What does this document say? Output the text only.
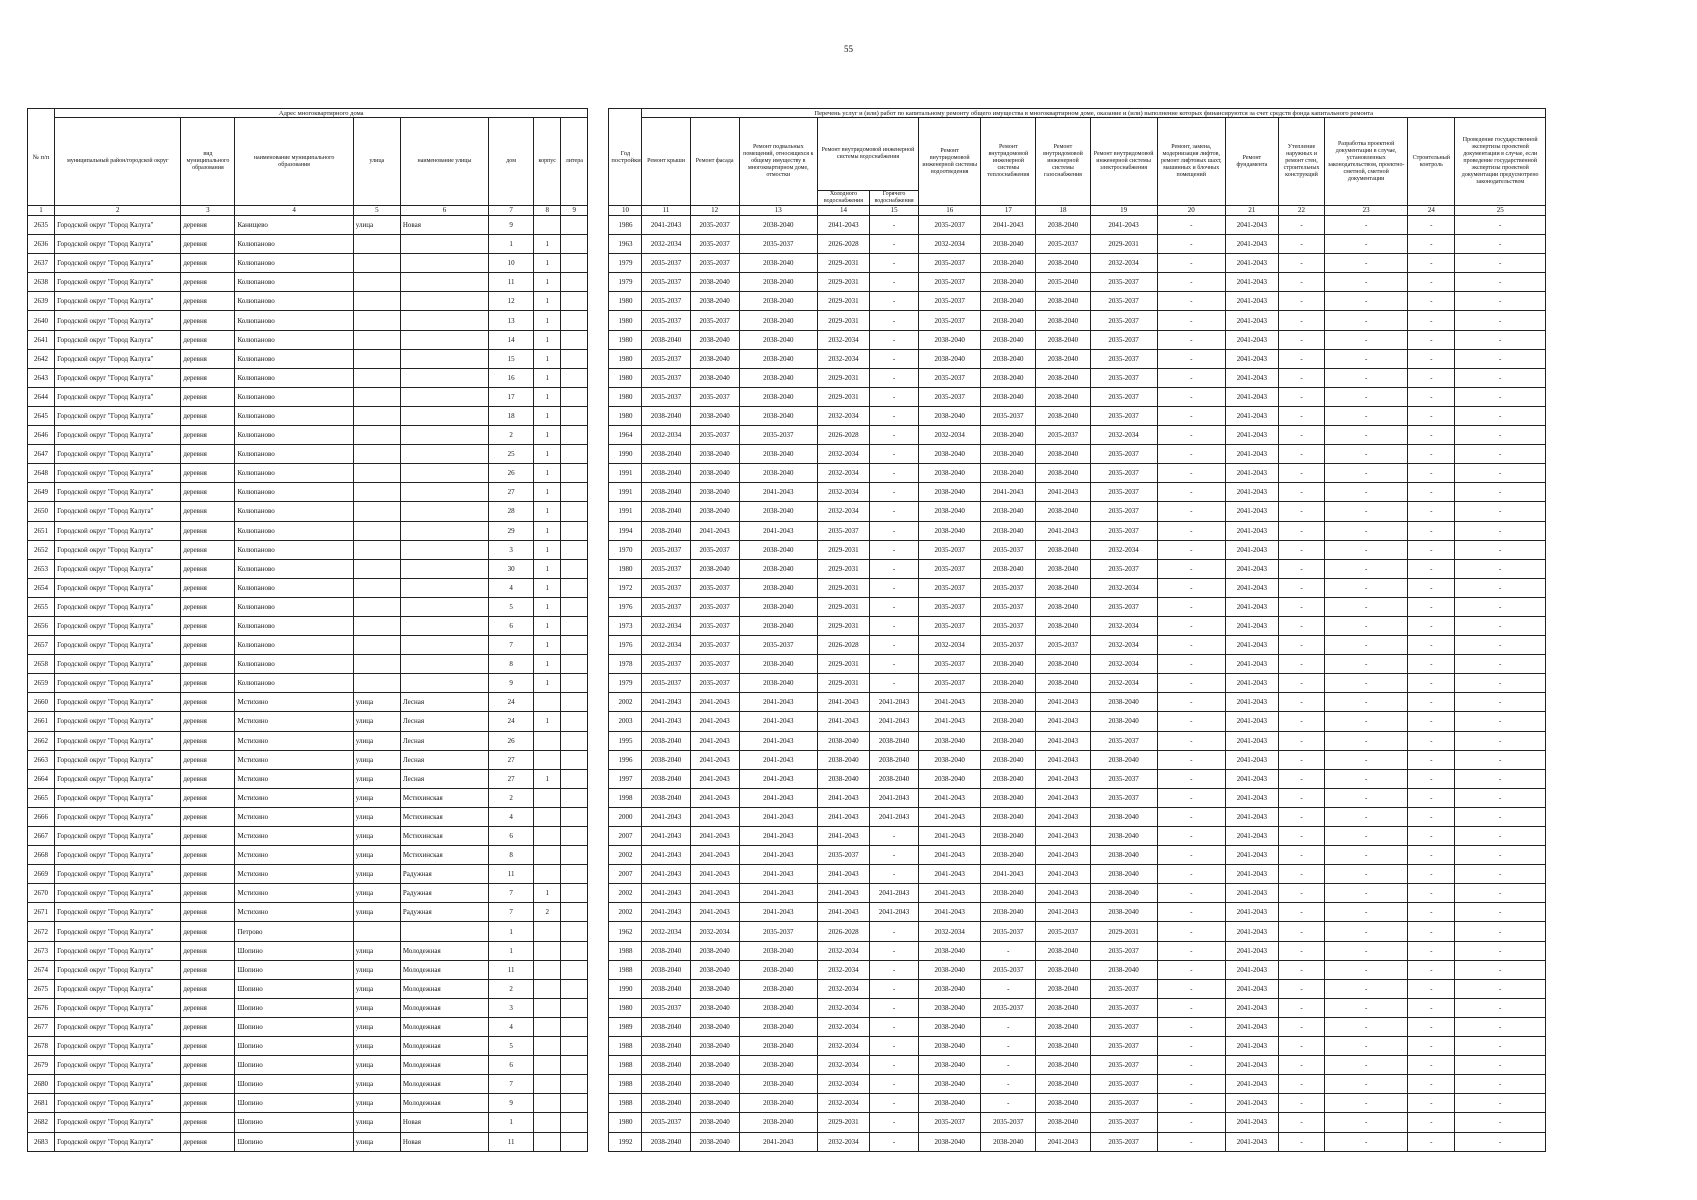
55
№ п/п	Адрес многоквартирного дома									Год постройки	Перечень услуг и (или) работ по капитальному ремонту общего имущества в многоквартирном доме, оказание и (или) выполнение которых финансируются за счет средств фонда капитального ремонта														
	муниципальный район/городской округ	вид муниципального образования	наименование муниципального образования	улица	наименование улицы	дом	корпус	литера			Ремонт крыши	Ремонт фасада	Ремонт подвальных помещений, относящихся к общему имуществу в многоквартирном доме, отмостки	Ремонт внутридомовой инженерной системы водоснабжения		Ремонт внутридомовой инженерной системы водоотведения	Ремонт внутридомовой инженерной системы теплоснабжения	Ремонт внутридомовой инженерной системы газоснабжения	Ремонт внутридомовой инженерной системы электроснабжения	Ремонт, замена, модернизация лифтов, ремонт лифтовых шахт, машинных и блочных помещений	Ремонт фундамента	Утепление наружных и ремонт стен, строительных конструкций	Разработка проектной документации в случае, установленных законодательством, проектно-сметной, сметной документации	Строительный контроль	Проведение государственной экспертизы проектной документации в случае, если проведение государственной экспертизы проектной документации предусмотрено законодательством
														Холодного водоснабжения	Горячего водоснабжения										
1	2	3	4	5	6	7	8	9		10	11	12	13	14	15	16	17	18	19	20	21	22	23	24	25
2635	Городской округ "Город Калуга"	деревня	Канищево	улица	Новая	9				1986	2041-2043	2035-2037	2038-2040	2041-2043	-	2035-2037	2041-2043	2038-2040	2041-2043	-	2041-2043	-	-	-	-
2636	Городской округ "Город Калуга"	деревня	Колюпаново			1	1			1963	2032-2034	2035-2037	2035-2037	2026-2028	-	2032-2034	2038-2040	2035-2037	2029-2031	-	2041-2043	-	-	-	-
2637	Городской округ "Город Калуга"	деревня	Колюпаново			10	1			1979	2035-2037	2035-2037	2038-2040	2029-2031	-	2035-2037	2038-2040	2038-2040	2032-2034	-	2041-2043	-	-	-	-
2638	Городской округ "Город Калуга"	деревня	Колюпаново			11	1			1979	2035-2037	2038-2040	2038-2040	2029-2031	-	2035-2037	2038-2040	2035-2040	2035-2037	-	2041-2043	-	-	-	-
2639	Городской округ "Город Калуга"	деревня	Колюпаново			12	1			1980	2035-2037	2038-2040	2038-2040	2029-2031	-	2035-2037	2038-2040	2038-2040	2035-2037	-	2041-2043	-	-	-	-
2640	Городской округ "Город Калуга"	деревня	Колюпаново			13	1			1980	2035-2037	2035-2037	2038-2040	2029-2031	-	2035-2037	2038-2040	2038-2040	2035-2037	-	2041-2043	-	-	-	-
2641	Городской округ "Город Калуга"	деревня	Колюпаново			14	1			1980	2038-2040	2038-2040	2038-2040	2032-2034	-	2038-2040	2038-2040	2038-2040	2035-2037	-	2041-2043	-	-	-	-
2642	Городской округ "Город Калуга"	деревня	Колюпаново			15	1			1980	2035-2037	2038-2040	2038-2040	2032-2034	-	2038-2040	2038-2040	2038-2040	2035-2037	-	2041-2043	-	-	-	-
2643	Городской округ "Город Калуга"	деревня	Колюпаново			16	1			1980	2035-2037	2038-2040	2038-2040	2029-2031	-	2035-2037	2038-2040	2038-2040	2035-2037	-	2041-2043	-	-	-	-
2644	Городской округ "Город Калуга"	деревня	Колюпаново			17	1			1980	2035-2037	2035-2037	2038-2040	2029-2031	-	2035-2037	2038-2040	2038-2040	2035-2037	-	2041-2043	-	-	-	-
2645	Городской округ "Город Калуга"	деревня	Колюпаново			18	1			1980	2038-2040	2038-2040	2038-2040	2032-2034	-	2038-2040	2035-2037	2038-2040	2035-2037	-	2041-2043	-	-	-	-
2646	Городской округ "Город Калуга"	деревня	Колюпаново			2	1			1964	2032-2034	2035-2037	2035-2037	2026-2028	-	2032-2034	2038-2040	2035-2037	2032-2034	-	2041-2043	-	-	-	-
2647	Городской округ "Город Калуга"	деревня	Колюпаново			25	1			1990	2038-2040	2038-2040	2038-2040	2032-2034	-	2038-2040	2038-2040	2038-2040	2035-2037	-	2041-2043	-	-	-	-
2648	Городской округ "Город Калуга"	деревня	Колюпаново			26	1			1991	2038-2040	2038-2040	2038-2040	2032-2034	-	2038-2040	2038-2040	2038-2040	2035-2037	-	2041-2043	-	-	-	-
2649	Городской округ "Город Калуга"	деревня	Колюпаново			27	1			1991	2038-2040	2038-2040	2041-2043	2032-2034	-	2038-2040	2041-2043	2041-2043	2035-2037	-	2041-2043	-	-	-	-
2650	Городской округ "Город Калуга"	деревня	Колюпаново			28	1			1991	2038-2040	2038-2040	2038-2040	2032-2034	-	2038-2040	2038-2040	2038-2040	2035-2037	-	2041-2043	-	-	-	-
2651	Городской округ "Город Калуга"	деревня	Колюпаново			29	1			1994	2038-2040	2041-2043	2041-2043	2035-2037	-	2038-2040	2038-2040	2041-2043	2035-2037	-	2041-2043	-	-	-	-
2652	Городской округ "Город Калуга"	деревня	Колюпаново			3	1			1970	2035-2037	2035-2037	2038-2040	2029-2031	-	2035-2037	2035-2037	2038-2040	2032-2034	-	2041-2043	-	-	-	-
2653	Городской округ "Город Калуга"	деревня	Колюпаново			30	1			1980	2035-2037	2038-2040	2038-2040	2029-2031	-	2035-2037	2038-2040	2038-2040	2035-2037	-	2041-2043	-	-	-	-
2654	Городской округ "Город Калуга"	деревня	Колюпаново			4	1			1972	2035-2037	2035-2037	2038-2040	2029-2031	-	2035-2037	2035-2037	2038-2040	2032-2034	-	2041-2043	-	-	-	-
2655	Городской округ "Город Калуга"	деревня	Колюпаново			5	1			1976	2035-2037	2035-2037	2038-2040	2029-2031	-	2035-2037	2035-2037	2038-2040	2035-2037	-	2041-2043	-	-	-	-
2656	Городской округ "Город Калуга"	деревня	Колюпаново			6	1			1973	2032-2034	2035-2037	2038-2040	2029-2031	-	2035-2037	2035-2037	2038-2040	2032-2034	-	2041-2043	-	-	-	-
2657	Городской округ "Город Калуга"	деревня	Колюпаново			7	1			1976	2032-2034	2035-2037	2035-2037	2026-2028	-	2032-2034	2035-2037	2035-2037	2032-2034	-	2041-2043	-	-	-	-
2658	Городской округ "Город Калуга"	деревня	Колюпаново			8	1			1978	2035-2037	2035-2037	2038-2040	2029-2031	-	2035-2037	2038-2040	2038-2040	2032-2034	-	2041-2043	-	-	-	-
2659	Городской округ "Город Калуга"	деревня	Колюпаново			9	1			1979	2035-2037	2035-2037	2038-2040	2029-2031	-	2035-2037	2038-2040	2038-2040	2032-2034	-	2041-2043	-	-	-	-
2660	Городской округ "Город Калуга"	деревня	Мстихино	улица	Лесная	24				2002	2041-2043	2041-2043	2041-2043	2041-2043	2041-2043	2041-2043	2038-2040	2041-2043	2038-2040	-	2041-2043	-	-	-	-
2661	Городской округ "Город Калуга"	деревня	Мстихино	улица	Лесная	24	1			2003	2041-2043	2041-2043	2041-2043	2041-2043	2041-2043	2041-2043	2038-2040	2041-2043	2038-2040	-	2041-2043	-	-	-	-
2662	Городской округ "Город Калуга"	деревня	Мстихино	улица	Лесная	26				1995	2038-2040	2041-2043	2041-2043	2038-2040	2038-2040	2038-2040	2038-2040	2041-2043	2035-2037	-	2041-2043	-	-	-	-
2663	Городской округ "Город Калуга"	деревня	Мстихино	улица	Лесная	27				1996	2038-2040	2041-2043	2041-2043	2038-2040	2038-2040	2038-2040	2038-2040	2041-2043	2038-2040	-	2041-2043	-	-	-	-
2664	Городской округ "Город Калуга"	деревня	Мстихино	улица	Лесная	27	1			1997	2038-2040	2041-2043	2041-2043	2038-2040	2038-2040	2038-2040	2038-2040	2041-2043	2035-2037	-	2041-2043	-	-	-	-
2665	Городской округ "Город Калуга"	деревня	Мстихино	улица	Мстихинская	2				1998	2038-2040	2041-2043	2041-2043	2041-2043	2041-2043	2041-2043	2038-2040	2041-2043	2035-2037	-	2041-2043	-	-	-	-
2666	Городской округ "Город Калуга"	деревня	Мстихино	улица	Мстихинская	4				2000	2041-2043	2041-2043	2041-2043	2041-2043	2041-2043	2041-2043	2038-2040	2041-2043	2038-2040	-	2041-2043	-	-	-	-
2667	Городской округ "Город Калуга"	деревня	Мстихино	улица	Мстихинская	6				2007	2041-2043	2041-2043	2041-2043	2041-2043	-	2041-2043	2038-2040	2041-2043	2038-2040	-	2041-2043	-	-	-	-
2668	Городской округ "Город Калуга"	деревня	Мстихино	улица	Мстихинская	8				2002	2041-2043	2041-2043	2041-2043	2035-2037	-	2041-2043	2038-2040	2041-2043	2038-2040	-	2041-2043	-	-	-	-
2669	Городской округ "Город Калуга"	деревня	Мстихино	улица	Радужная	11				2007	2041-2043	2041-2043	2041-2043	2041-2043	-	2041-2043	2041-2043	2041-2043	2038-2040	-	2041-2043	-	-	-	-
2670	Городской округ "Город Калуга"	деревня	Мстихино	улица	Радужная	7	1			2002	2041-2043	2041-2043	2041-2043	2041-2043	2041-2043	2041-2043	2038-2040	2041-2043	2038-2040	-	2041-2043	-	-	-	-
2671	Городской округ "Город Калуга"	деревня	Мстихино	улица	Радужная	7	2			2002	2041-2043	2041-2043	2041-2043	2041-2043	2041-2043	2041-2043	2038-2040	2041-2043	2038-2040	-	2041-2043	-	-	-	-
2672	Городской округ "Город Калуга"	деревня	Петрово			1				1962	2032-2034	2032-2034	2035-2037	2026-2028	-	2032-2034	2035-2037	2035-2037	2029-2031	-	2041-2043	-	-	-	-
2673	Городской округ "Город Калуга"	деревня	Шопино	улица	Молодежная	1				1988	2038-2040	2038-2040	2038-2040	2032-2034	-	2038-2040	-	2038-2040	2035-2037	-	2041-2043	-	-	-	-
2674	Городской округ "Город Калуга"	деревня	Шопино	улица	Молодежная	11				1988	2038-2040	2038-2040	2038-2040	2032-2034	-	2038-2040	2035-2037	2038-2040	2038-2040	-	2041-2043	-	-	-	-
2675	Городской округ "Город Калуга"	деревня	Шопино	улица	Молодежная	2				1990	2038-2040	2038-2040	2038-2040	2032-2034	-	2038-2040	-	2038-2040	2035-2037	-	2041-2043	-	-	-	-
2676	Городской округ "Город Калуга"	деревня	Шопино	улица	Молодежная	3				1980	2035-2037	2038-2040	2038-2040	2032-2034	-	2038-2040	2035-2037	2038-2040	2035-2037	-	2041-2043	-	-	-	-
2677	Городской округ "Город Калуга"	деревня	Шопино	улица	Молодежная	4				1989	2038-2040	2038-2040	2038-2040	2032-2034	-	2038-2040	-	2038-2040	2035-2037	-	2041-2043	-	-	-	-
2678	Городской округ "Город Калуга"	деревня	Шопино	улица	Молодежная	5				1988	2038-2040	2038-2040	2038-2040	2032-2034	-	2038-2040	-	2038-2040	2035-2037	-	2041-2043	-	-	-	-
2679	Городской округ "Город Калуга"	деревня	Шопино	улица	Молодежная	6				1988	2038-2040	2038-2040	2038-2040	2032-2034	-	2038-2040	-	2038-2040	2035-2037	-	2041-2043	-	-	-	-
2680	Городской округ "Город Калуга"	деревня	Шопино	улица	Молодежная	7				1988	2038-2040	2038-2040	2038-2040	2032-2034	-	2038-2040	-	2038-2040	2035-2037	-	2041-2043	-	-	-	-
2681	Городской округ "Город Калуга"	деревня	Шопино	улица	Молодежная	9				1988	2038-2040	2038-2040	2038-2040	2032-2034	-	2038-2040	-	2038-2040	2035-2037	-	2041-2043	-	-	-	-
2682	Городской округ "Город Калуга"	деревня	Шопино	улица	Новая	1				1980	2035-2037	2038-2040	2038-2040	2029-2031	-	2035-2037	2035-2037	2038-2040	2035-2037	-	2041-2043	-	-	-	-
2683	Городской округ "Город Калуга"	деревня	Шопино	улица	Новая	11				1992	2038-2040	2038-2040	2041-2043	2032-2034	-	2038-2040	2038-2040	2041-2043	2035-2037	-	2041-2043	-	-	-	-
